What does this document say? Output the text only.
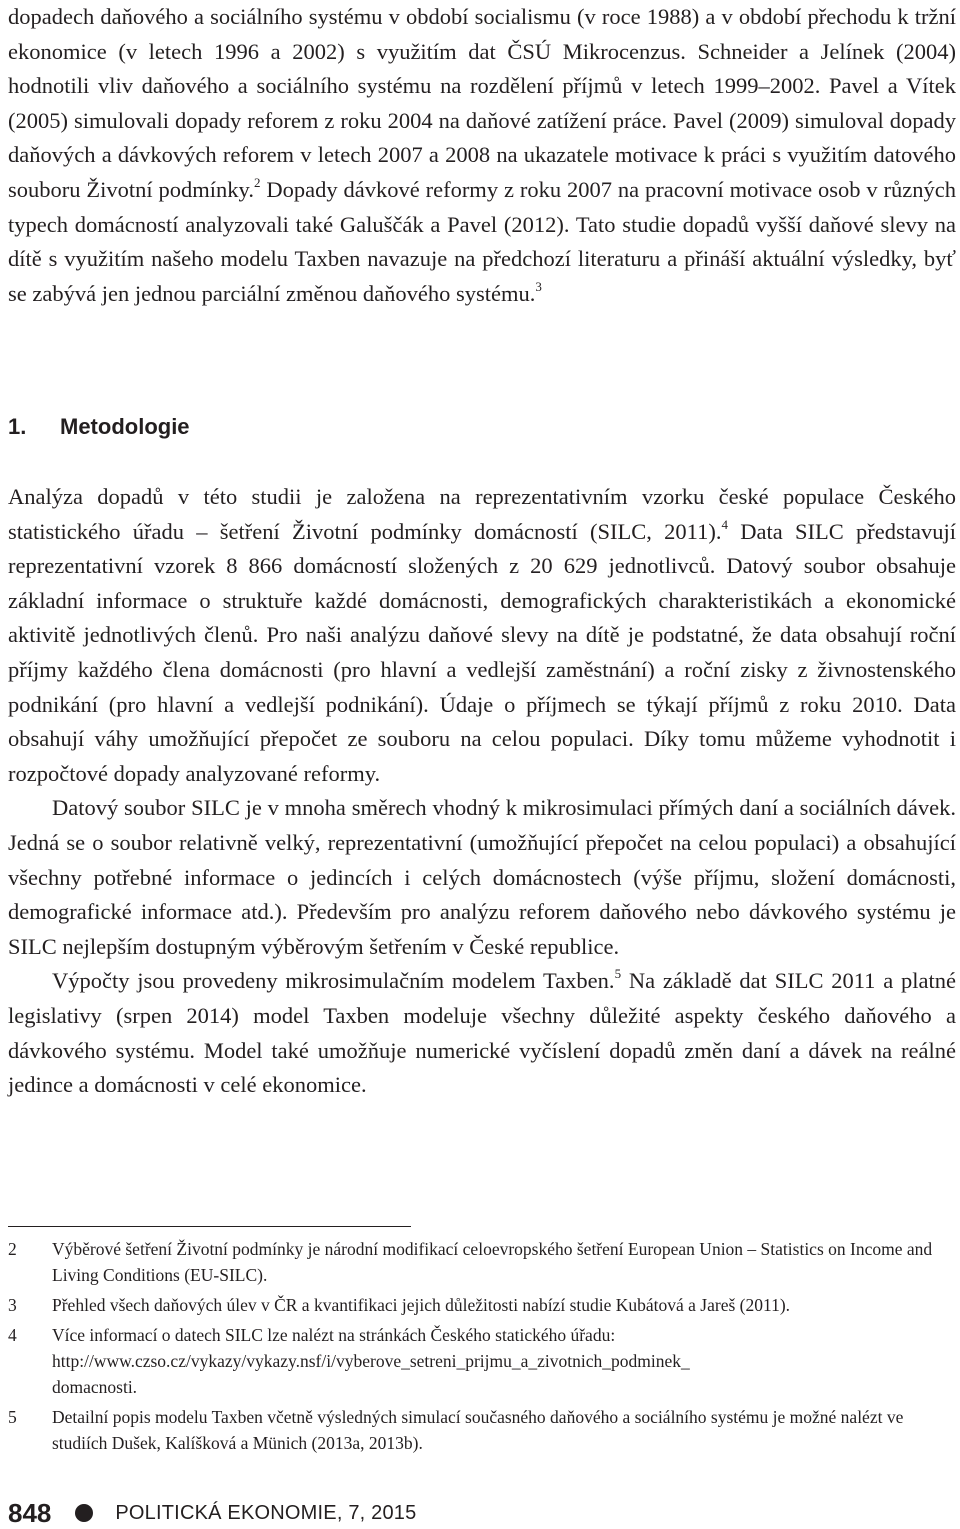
dopadech daňového a sociálního systému v období socialismu (v roce 1988) a v období přechodu k tržní ekonomice (v letech 1996 a 2002) s využitím dat ČSÚ Mikrocenzus. Schneider a Jelínek (2004) hodnotili vliv daňového a sociálního systému na rozdělení příjmů v letech 1999–2002. Pavel a Vítek (2005) simulovali dopady reforem z roku 2004 na daňové zatížení práce. Pavel (2009) simuloval dopady daňových a dávkových reforem v letech 2007 a 2008 na ukazatele motivace k práci s využitím datového souboru Životní podmínky.$^2$ Dopady dávkové reformy z roku 2007 na pracovní motivace osob v různých typech domácností analyzovali také Galuščák a Pavel (2012). Tato studie dopadů vyšší daňové slevy na dítě s využitím našeho modelu Taxben navazuje na předchozí literaturu a přináší aktuální výsledky, byť se zabývá jen jednou parciální změnou daňového systému.$^3$

1. Metodologie

Analýza dopadů v této studii je založena na reprezentativním vzorku české populace Českého statistického úřadu – šetření Životní podmínky domácností (SILC, 2011).$^4$ Data SILC představují reprezentativní vzorek 8 866 domácností složených z 20 629 jednotlivců. Datový soubor obsahuje základní informace o struktuře každé domácnosti, demografických charakteristikách a ekonomické aktivitě jednotlivých členů. Pro naši analýzu daňové slevy na dítě je podstatné, že data obsahují roční příjmy každého člena domácnosti (pro hlavní a vedlejší zaměstnání) a roční zisky z živnostenského podnikání (pro hlavní a vedlejší podnikání). Údaje o příjmech se týkají příjmů z roku 2010. Data obsahují váhy umožňující přepočet ze souboru na celou populaci. Díky tomu můžeme vyhodnotit i rozpočtové dopady analyzované reformy.

Datový soubor SILC je v mnoha směrech vhodný k mikrosimulaci přímých daní a sociálních dávek. Jedná se o soubor relativně velký, reprezentativní (umožňující přepočet na celou populaci) a obsahující všechny potřebné informace o jedincích i celých domácnostech (výše příjmu, složení domácnosti, demografické informace atd.). Především pro analýzu reforem daňového nebo dávkového systému je SILC nejlepším dostupným výběrovým šetřením v České republice.

Výpočty jsou provedeny mikrosimulačním modelem Taxben.$^5$ Na základě dat SILC 2011 a platné legislativy (srpen 2014) model Taxben modeluje všechny důležité aspekty českého daňového a dávkového systému. Model také umožňuje numerické vyčíslení dopadů změn daní a dávek na reálné jedince a domácnosti v celé ekonomice.

2	Výběrové šetření Životní podmínky je národní modifikací celoevropského šetření European Union – Statistics on Income and Living Conditions (EU-SILC).
3	Přehled všech daňových úlev v ČR a kvantifikaci jejich důležitosti nabízí studie Kubátová a Jareš (2011).
4	Více informací o datech SILC lze nalézt na stránkách Českého statického úřadu:
http://www.czso.cz/vykazy/vykazy.nsf/i/vyberove_setreni_prijmu_a_zivotnich_podminek_
domacnosti.
5	Detailní popis modelu Taxben včetně výsledných simulací současného daňového a sociálního systému je možné nalézt ve studiích Dušek, Kalíšková a Münich (2013a, 2013b).
848	POLITICKÁ EKONOMIE, 7, 2015
